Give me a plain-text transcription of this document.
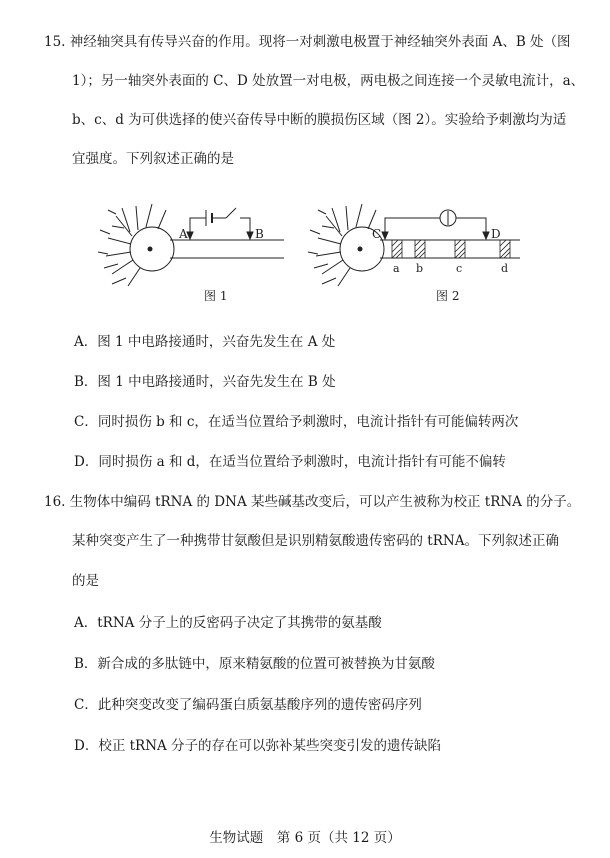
15. 神经轴突具有传导兴奋的作用。现将一对刺激电极置于神经轴突外表面 A、B 处（图
1）；另一轴突外表面的 C、D 处放置一对电极，两电极之间连接一个灵敏电流计，a、
b、c、d 为可供选择的使兴奋传导中断的膜损伤区域（图 2）。实验给予刺激均为适
宜强度。下列叙述正确的是
A	B
图 1
C	D
a b	c	d
图 2
A．图 1 中电路接通时，兴奋先发生在 A 处
B．图 1 中电路接通时，兴奋先发生在 B 处
C．同时损伤 b 和 c，在适当位置给予刺激时，电流计指针有可能偏转两次
D．同时损伤 a 和 d，在适当位置给予刺激时，电流计指针有可能不偏转
16. 生物体中编码 tRNA 的 DNA 某些碱基改变后，可以产生被称为校正 tRNA 的分子。
某种突变产生了一种携带甘氨酸但是识别精氨酸遗传密码的 tRNA。下列叙述正确
的是
A．tRNA 分子上的反密码子决定了其携带的氨基酸
B．新合成的多肽链中，原来精氨酸的位置可被替换为甘氨酸
C．此种突变改变了编码蛋白质氨基酸序列的遗传密码序列
D．校正 tRNA 分子的存在可以弥补某些突变引发的遗传缺陷
生物试题　第 6 页（共 12 页）
